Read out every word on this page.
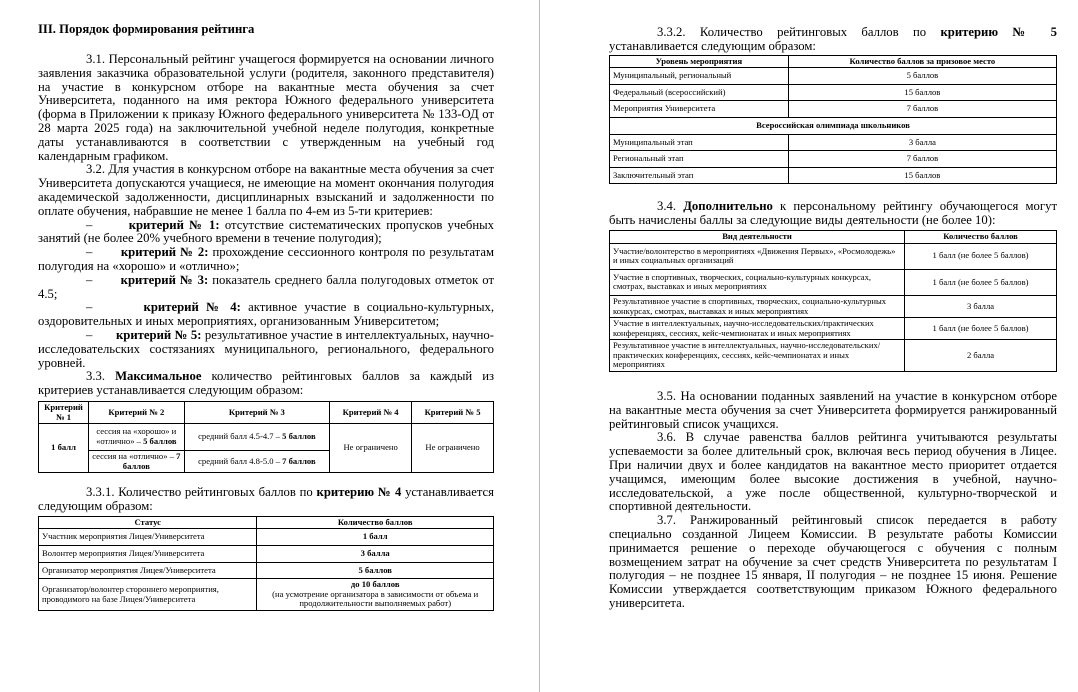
III. Порядок формирования рейтинга

3.1. Персональный рейтинг учащегося формируется на основании личного заявления заказчика образовательной услуги (родителя, законного представителя) на участие в конкурсном отборе на вакантные места обучения за счет Университета, поданного на имя ректора Южного федерального университета (форма в Приложении к приказу Южного федерального университета № 133-ОД от 28 марта 2025 года) на заключительной учебной неделе полугодия, конкретные даты устанавливаются в соответствии с утвержденным на учебный год календарным графиком.

3.2. Для участия в конкурсном отборе на вакантные места обучения за счет Университета допускаются учащиеся, не имеющие на момент окончания полугодия академической задолженности, дисциплинарных взысканий и задолженности по оплате обучения, набравшие не менее 1 балла по 4-ем из 5-ти критериев:

–	критерий № 1: отсутствие систематических пропусков учебных занятий (не более 20% учебного времени в течение полугодия);

– критерий № 2: прохождение сессионного контроля по результатам полугодия на «хорошо» и «отлично»;

– критерий № 3: показатель среднего балла полугодовых отметок от 4.5;

–	критерий № 4: активное участие в социально-культурных, оздоровительных и иных мероприятиях, организованным Университетом;

– критерий № 5: результативное участие в интеллектуальных, научно-исследовательских состязаниях муниципального, регионального, федерального уровней.

3.3. Максимальное количество рейтинговых баллов за каждый из критериев устанавливается следующим образом:

Критерий № 1	Критерий № 2	Критерий № 3	Критерий № 4	Критерий № 5
1 балл	сессия на «хорошо» и «отлично» – 5 баллов	средний балл 4.5-4.7 – 5 баллов	Не ограничено	Не ограничено
	сессия на «отлично» – 7 баллов	средний балл 4.8-5.0 – 7 баллов		

3.3.1. Количество рейтинговых баллов по критерию № 4 устанавливается следующим образом:

Статус	Количество баллов
Участник мероприятия Лицея/Университета	1 балл
Волонтер мероприятия Лицея/Университета	3 балла
Организатор мероприятия Лицея/Университета	5 баллов
Организатор/волонтер стороннего мероприятия, проводимого на базе Лицея/Университета	до 10 баллов
(на усмотрение организатора в зависимости от объема и продолжительности выполняемых работ)

3.3.2. Количество рейтинговых баллов по критерию № 5 устанавливается следующим образом:

Уровень мероприятия	Количество баллов за призовое место
Муниципальный, региональный	5 баллов
Федеральный (всероссийский)	15 баллов
Мероприятия Университета	7 баллов
Всероссийская олимпиада школьников	
Муниципальный этап	3 балла
Региональный этап	7 баллов
Заключительный этап	15 баллов

3.4. Дополнительно к персональному рейтингу обучающегося могут быть начислены баллы за следующие виды деятельности (не более 10):

Вид деятельности	Количество баллов
Участие/волонтерство в мероприятиях «Движения Первых», «Росмолодежь» и иных социальных организаций	1 балл (не более 5 баллов)
Участие в спортивных, творческих, социально-культурных конкурсах, смотрах, выставках и иных мероприятиях	1 балл (не более 5 баллов)
Результативное участие в спортивных, творческих, социально-культурных конкурсах, смотрах, выставках и иных мероприятиях	3 балла
Участие в интеллектуальных, научно-исследовательских/практических конференциях, сессиях, кейс-чемпионатах и иных мероприятиях	1 балл (не более 5 баллов)
Результативное участие в интеллектуальных, научно-исследовательских/практических конференциях, сессиях, кейс-чемпионатах и иных мероприятиях	2 балла

3.5. На основании поданных заявлений на участие в конкурсном отборе на вакантные места обучения за счет Университета формируется ранжированный рейтинговый список учащихся.

3.6. В случае равенства баллов рейтинга учитываются результаты успеваемости за более длительный срок, включая весь период обучения в Лицее. При наличии двух и более кандидатов на вакантное место приоритет отдается учащимся, имеющим более высокие достижения в учебной, научно-исследовательской, а уже после общественной, культурно-творческой и спортивной деятельности.

3.7. Ранжированный рейтинговый список передается в работу специально созданной Лицеем Комиссии. В результате работы Комиссии принимается решение о переходе обучающегося с обучения с полным возмещением затрат на обучение за счет средств Университета по результатам I полугодия – не позднее 15 января, II полугодия – не позднее 15 июня. Решение Комиссии утверждается соответствующим приказом Южного федерального университета.
